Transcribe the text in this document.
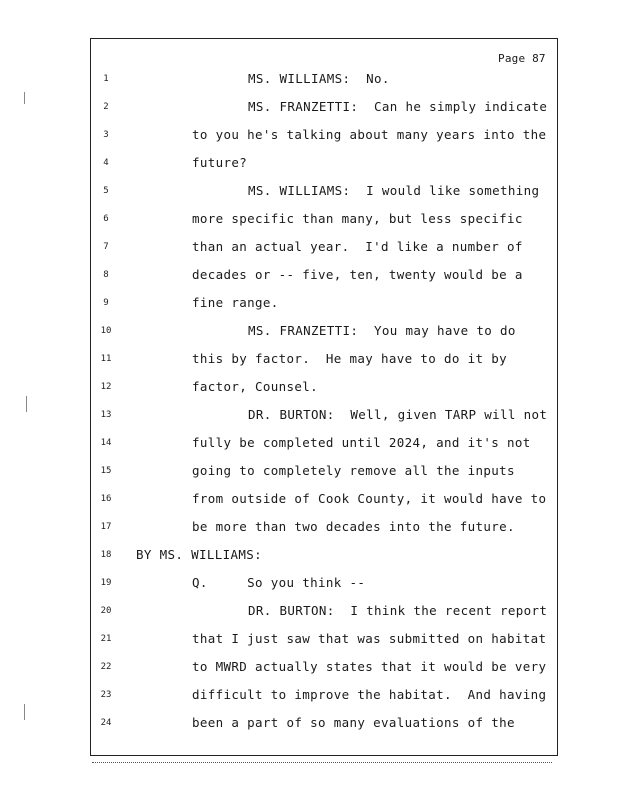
Page 87
1
2
3
4
5
6
7
8
9
10
11
12
13
14
15
16
17
18
19
20
21
22
23
24
MS. WILLIAMS:  No.
MS. FRANZETTI:  Can he simply indicate
to you he's talking about many years into the
future?
MS. WILLIAMS:  I would like something
more specific than many, but less specific
than an actual year.  I'd like a number of
decades or -- five, ten, twenty would be a
fine range.
MS. FRANZETTI:  You may have to do
this by factor.  He may have to do it by
factor, Counsel.
DR. BURTON:  Well, given TARP will not
fully be completed until 2024, and it's not
going to completely remove all the inputs
from outside of Cook County, it would have to
be more than two decades into the future.
BY MS. WILLIAMS:
Q.     So you think --
DR. BURTON:  I think the recent report
that I just saw that was submitted on habitat
to MWRD actually states that it would be very
difficult to improve the habitat.  And having
been a part of so many evaluations of the
